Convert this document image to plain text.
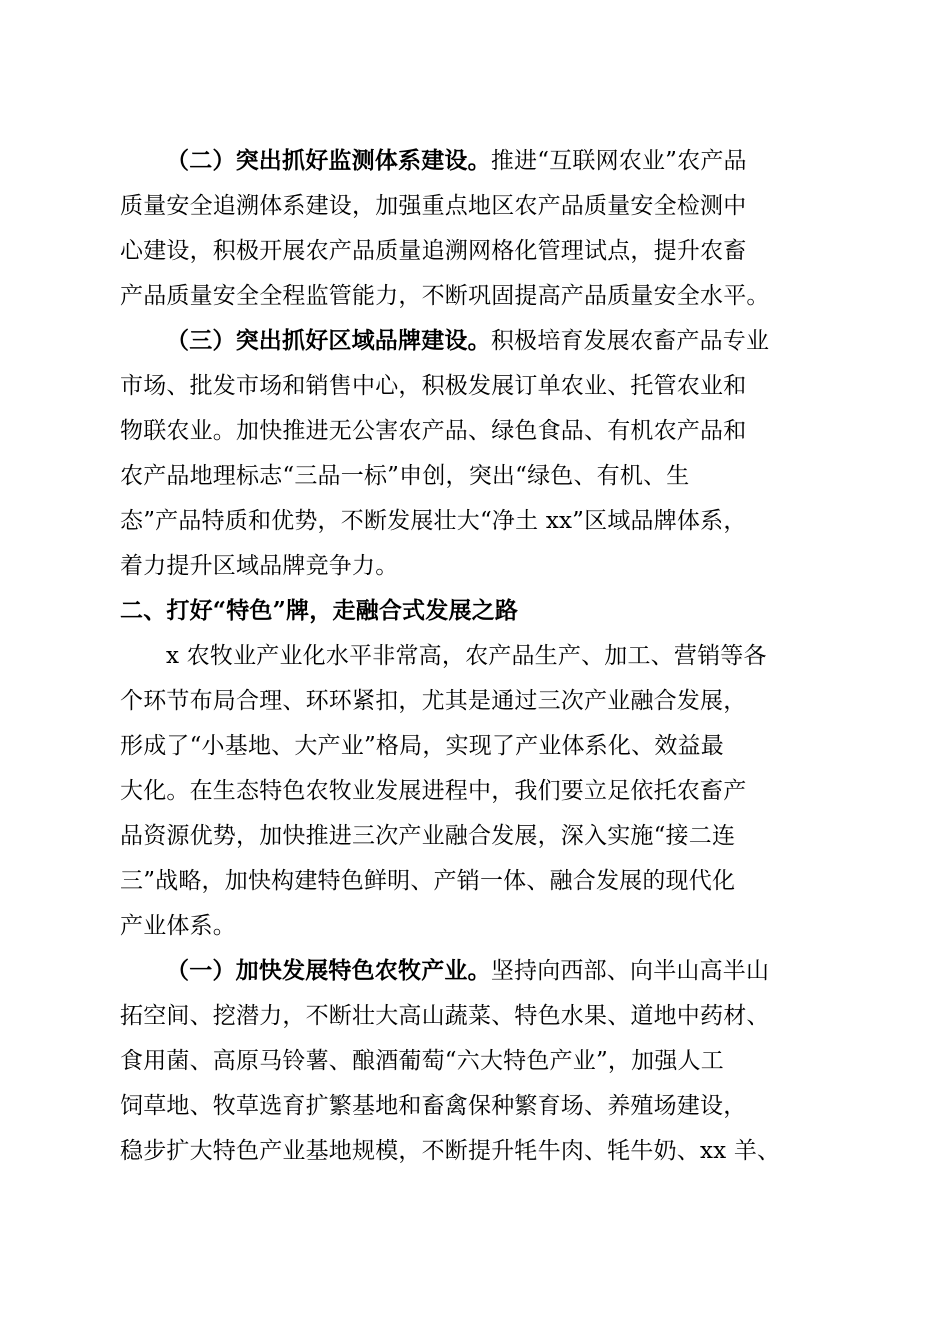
（二）突出抓好监测体系建设。推进“互联网农业”农产品
质量安全追溯体系建设，加强重点地区农产品质量安全检测中
心建设，积极开展农产品质量追溯网格化管理试点，提升农畜
产品质量安全全程监管能力，不断巩固提高产品质量安全水平。
（三）突出抓好区域品牌建设。积极培育发展农畜产品专业
市场、批发市场和销售中心，积极发展订单农业、托管农业和
物联农业。加快推进无公害农产品、绿色食品、有机农产品和
农产品地理标志“三品一标”申创，突出“绿色、有机、生
态”产品特质和优势，不断发展壮大“净土 xx”区域品牌体系，
着力提升区域品牌竞争力。
二、打好“特色”牌，走融合式发展之路
x 农牧业产业化水平非常高，农产品生产、加工、营销等各
个环节布局合理、环环紧扣，尤其是通过三次产业融合发展，
形成了“小基地、大产业”格局，实现了产业体系化、效益最
大化。在生态特色农牧业发展进程中，我们要立足依托农畜产
品资源优势，加快推进三次产业融合发展，深入实施“接二连
三”战略，加快构建特色鲜明、产销一体、融合发展的现代化
产业体系。
（一）加快发展特色农牧产业。坚持向西部、向半山高半山
拓空间、挖潜力，不断壮大高山蔬菜、特色水果、道地中药材、
食用菌、高原马铃薯、酿酒葡萄“六大特色产业”，加强人工
饲草地、牧草选育扩繁基地和畜禽保种繁育场、养殖场建设，
稳步扩大特色产业基地规模，不断提升牦牛肉、牦牛奶、xx 羊、
